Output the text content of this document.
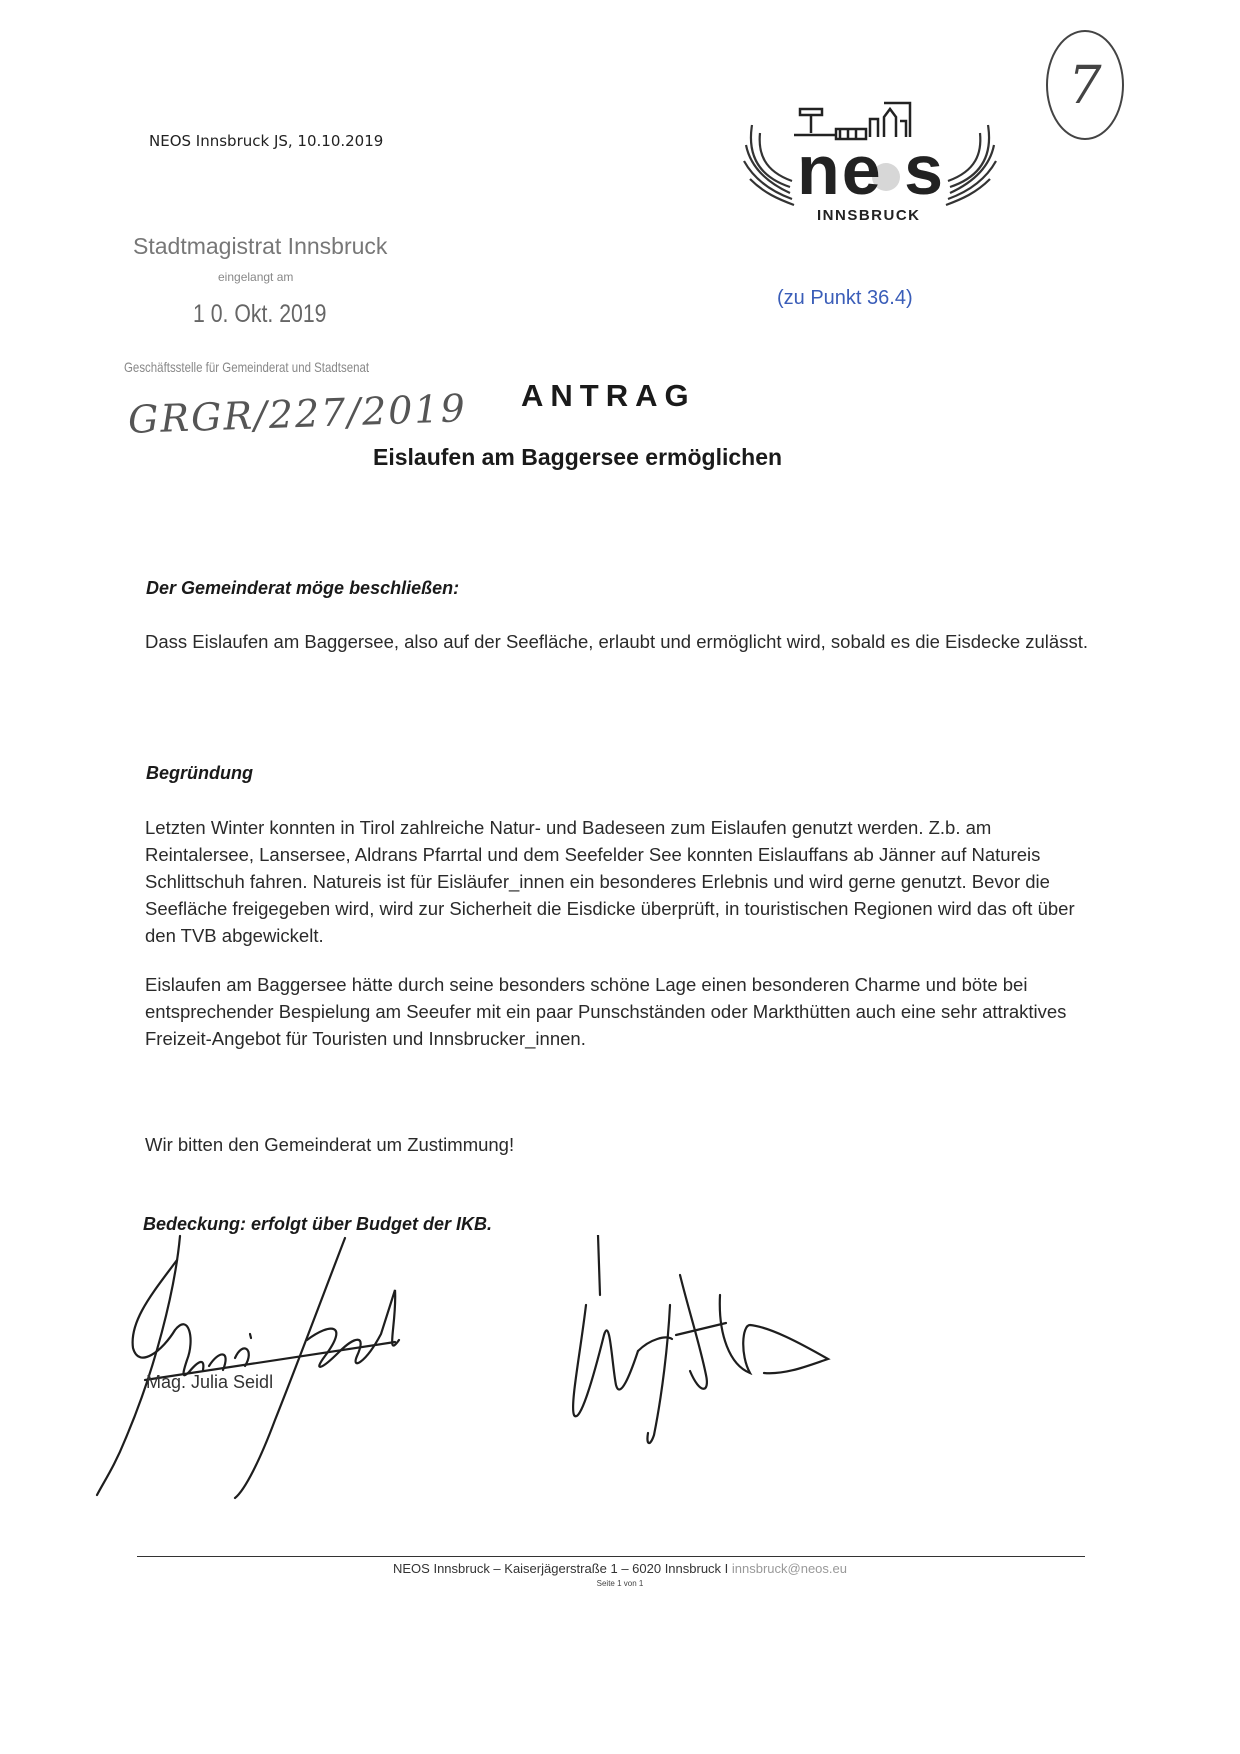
NEOS Innsbruck JS, 10.10.2019
Stadtmagistrat Innsbruck
eingelangt am
1 0. Okt. 2019
Geschäftsstelle für Gemeinderat und Stadtsenat
GRGR/227/2019
ne s
INNSBRUCK
7
(zu Punkt 36.4)
ANTRAG
Eislaufen am Baggersee ermöglichen
Der Gemeinderat möge beschließen:
Dass Eislaufen am Baggersee, also auf der Seefläche, erlaubt und ermöglicht wird, sobald es die Eisdecke zulässt.
Begründung
Letzten Winter konnten in Tirol zahlreiche Natur- und Badeseen zum Eislaufen genutzt werden. Z.b. am Reintalersee, Lansersee, Aldrans Pfarrtal und dem Seefelder See konnten Eislauffans ab Jänner auf Natureis Schlittschuh fahren. Natureis ist für Eisläufer_innen ein besonderes Erlebnis und wird gerne genutzt. Bevor die Seefläche freigegeben wird, wird zur Sicherheit die Eisdicke überprüft, in touristischen Regionen wird das oft über den TVB abgewickelt.
Eislaufen am Baggersee hätte durch seine besonders schöne Lage einen besonderen Charme und böte bei entsprechender Bespielung am Seeufer mit ein paar Punschständen oder Markthütten auch eine sehr attraktives Freizeit-Angebot für Touristen und Innsbrucker_innen.
Wir bitten den Gemeinderat um Zustimmung!
Bedeckung: erfolgt über Budget der IKB.
Mag. Julia Seidl
NEOS Innsbruck – Kaiserjägerstraße 1 – 6020 Innsbruck I innsbruck@neos.eu
Seite 1 von 1
